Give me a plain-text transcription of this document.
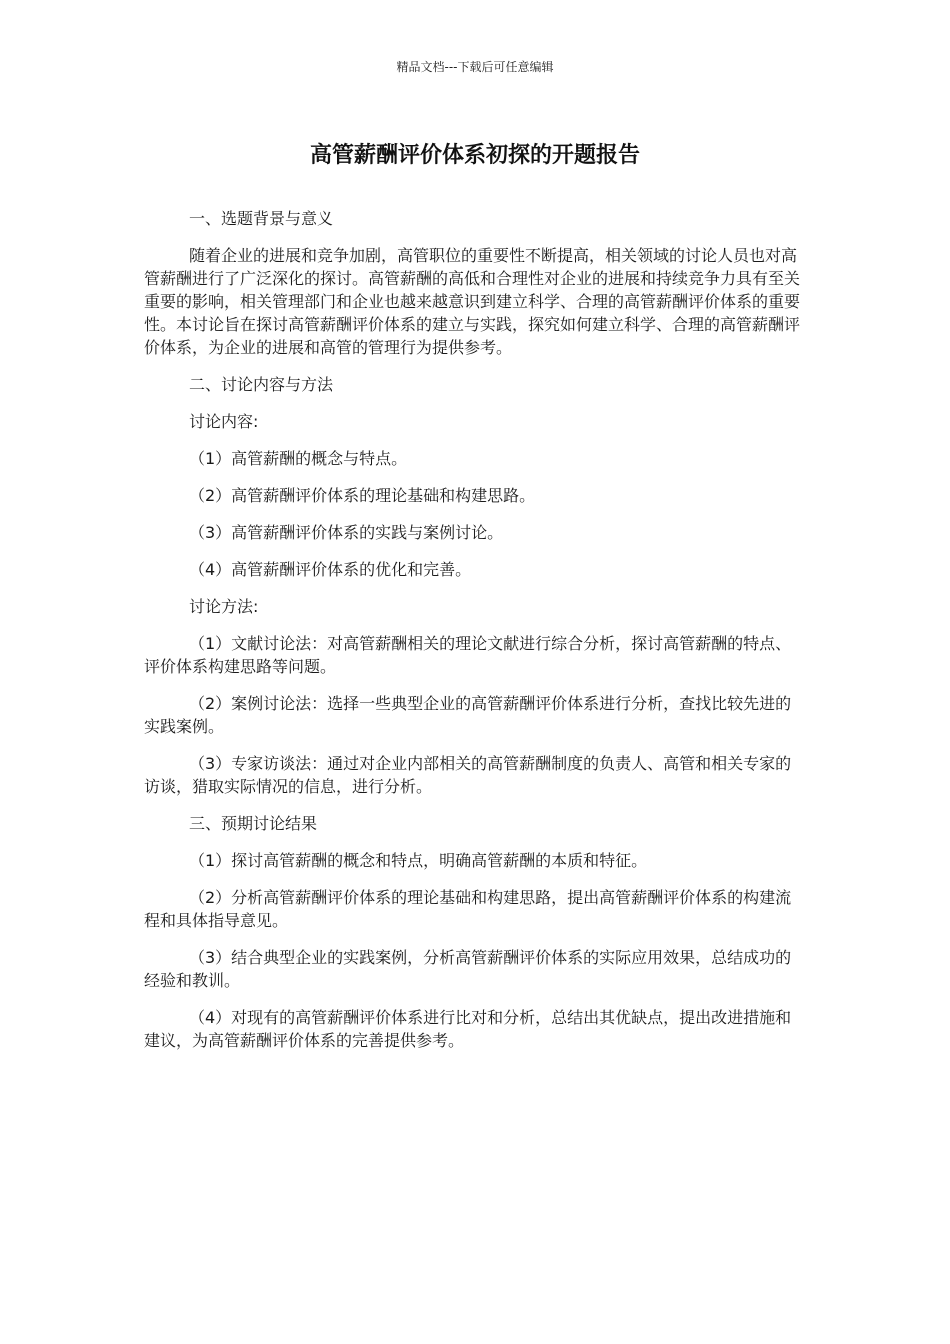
精品文档---下载后可任意编辑
高管薪酬评价体系初探的开题报告

一、选题背景与意义

随着企业的进展和竞争加剧，高管职位的重要性不断提高，相关领域的讨论人员也对高管薪酬进行了广泛深化的探讨。高管薪酬的高低和合理性对企业的进展和持续竞争力具有至关重要的影响，相关管理部门和企业也越来越意识到建立科学、合理的高管薪酬评价体系的重要性。本讨论旨在探讨高管薪酬评价体系的建立与实践，探究如何建立科学、合理的高管薪酬评价体系，为企业的进展和高管的管理行为提供参考。

二、讨论内容与方法

讨论内容:

（1）高管薪酬的概念与特点。

（2）高管薪酬评价体系的理论基础和构建思路。

（3）高管薪酬评价体系的实践与案例讨论。

（4）高管薪酬评价体系的优化和完善。

讨论方法:

（1）文献讨论法：对高管薪酬相关的理论文献进行综合分析，探讨高管薪酬的特点、评价体系构建思路等问题。

（2）案例讨论法：选择一些典型企业的高管薪酬评价体系进行分析，查找比较先进的实践案例。

（3）专家访谈法：通过对企业内部相关的高管薪酬制度的负责人、高管和相关专家的访谈，猎取实际情况的信息，进行分析。

三、预期讨论结果

（1）探讨高管薪酬的概念和特点，明确高管薪酬的本质和特征。

（2）分析高管薪酬评价体系的理论基础和构建思路，提出高管薪酬评价体系的构建流程和具体指导意见。

（3）结合典型企业的实践案例，分析高管薪酬评价体系的实际应用效果，总结成功的经验和教训。

（4）对现有的高管薪酬评价体系进行比对和分析，总结出其优缺点，提出改进措施和建议，为高管薪酬评价体系的完善提供参考。
